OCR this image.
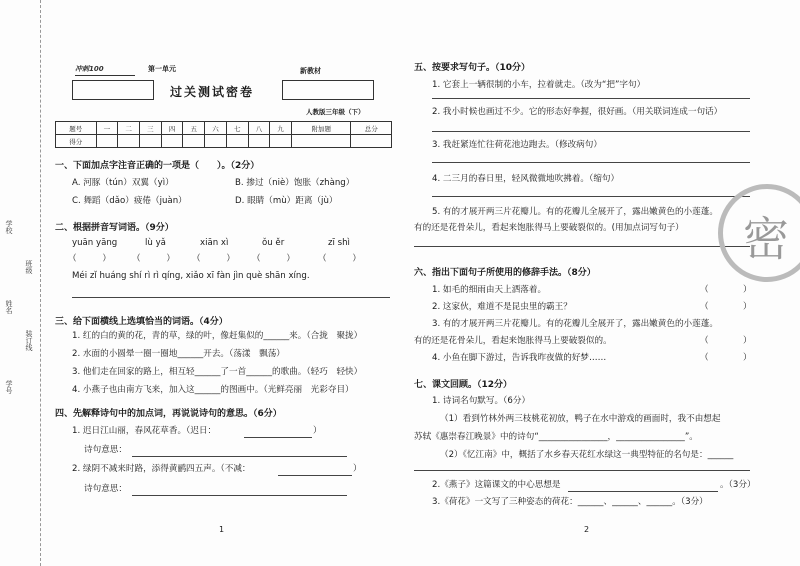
学校
姓名
班级
装订线
学号
冲刺100	第一单元	新教材
过关测试密卷
人教版三年级（下）
题号	一	二	三	四	五	六	七	八	九	附加题	总分
得分											
一、下面加点字注音正确的一项是（　　）。（2分）
A. 河豚（tún）双翼（yì）	B. 掺过（niè）饱胀（zhàng）
C. 舞蹈（dǎo）疲倦（juàn）	D. 眼睛（mù）距离（jù）
二、根据拼音写词语。（9分）
yuān yāng	lù yǎ	xiān xì	ǒu ěr	zī shì
（　　　） （　　　） （　　　） （　　　）	（　　　）
Méi zǐ huáng shí rì rì qíng, xiǎo xī fàn jìn què shān xíng.
三、给下面横线上选填恰当的词语。（4分）
1. 红的白的黄的花，青的草，绿的叶，像赶集似的______来。（合拢　聚拢）
2. 水面的小圆晕一圈一圈地______开去。（荡漾　飘荡）
3. 他们走在回家的路上，相互轻______了一首______的歌曲。（轻巧　轻快）
4. 小燕子也由南方飞来，加入这______的图画中。（光鲜亮丽　光彩夺目）
四、先解释诗句中的加点词，再说说诗句的意思。（6分）
1. 迟日江山丽，春风花草香。（迟日：	）
诗句意思：
2. 绿阴不减来时路，添得黄鹂四五声。（不减：	）
诗句意思：
1
五、按要求写句子。（10分）
1. 它套上一辆很制的小车，拉着就走。（改为“把”字句）
2. 我小时候也画过不少。它的形态好拳握，很好画。（用关联词连成一句话）
3. 我赶紧连忙往荷花池边跑去。（修改病句）
4. 二三月的春日里，轻风微微地吹拂着。（缩句）
5. 有的才展开两三片花瓣儿。有的花瓣儿全展开了，露出嫩黄色的小莲蓬。
有的还是花骨朵儿，看起来饱胀得马上要破裂似的。(用加点词写句子）
六、指出下面句子所使用的修辞手法。（8分）
1. 如毛的细雨由天上洒落着。	（　　　　）
2. 这家伙，难道不是昆虫里的霸王？	（　　　　）
3. 有的才展开两三片花瓣儿。有的花瓣儿全展开了，露出嫩黄色的小莲蓬。
有的还是花骨朵儿，看起来饱胀得马上要破裂似的。	（　　　　）
4. 小鱼在脚下游过，告诉我昨夜做的好梦……	（　　　　）
七、课文回顾。（12分）
1. 诗词名句默写。（6分）
（1）看到竹林外两三枝桃花初放，鸭子在水中游戏的画面时，我不由想起
苏轼《惠崇春江晚景》中的诗句“________________，________________”。
（2）《忆江南》中，概括了水乡春天花红水绿这一典型特征的名句是：______
2.《燕子》这篇课文的中心思想是	。（3分）
3.《荷花》一文写了三种姿态的荷花：______、______、______。（3分）
2
密
